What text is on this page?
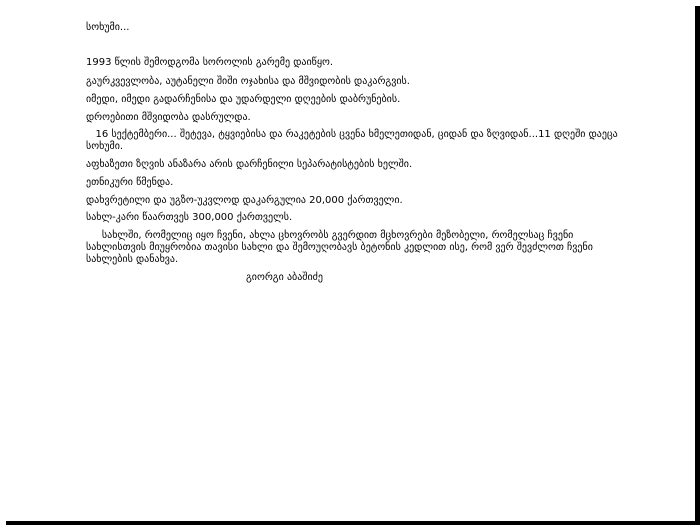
სოხუმი...
1993 წლის შემოდგომა სოროლის გარემე დაიწყო.
გაურკვევლობა, აუტანელი შიში ოჯახისა და მშვიდობის დაკარგვის.
იმედი, იმედი გადარჩენისა და უდარდელი დღეების დაბრუნების.
დროებითი მშვიდობა დასრულდა.
16 სექტემბერი... შეტევა, ტყვიებისა და რაკეტების ცვენა ხმელეთიდან, ციდან და ზღვიდან...11 დღეში დაეცა სოხუმი.
აფხაზეთი ზღვის ანაზარა არის დარჩენილი სეპარატისტების ხელში.
ეთნიკური წმენდა.
დახვრეტილი და უგზო-უკვლოდ დაკარგულია 20,000 ქართველი.
სახლ-კარი წაართვეს 300,000 ქართველს.
სახლში, რომელიც იყო ჩვენი, ახლა ცხოვრობს გვერდით მცხოვრები მეზობელი, რომელსაც ჩვენი სახლისთვის მიუყრობია თავისი სახლი და შემოუღობავს ბეტონის კედლით ისე, რომ ვერ შევძლოთ ჩვენი სახლების დანახვა.
გიორგი აბაშიძე
